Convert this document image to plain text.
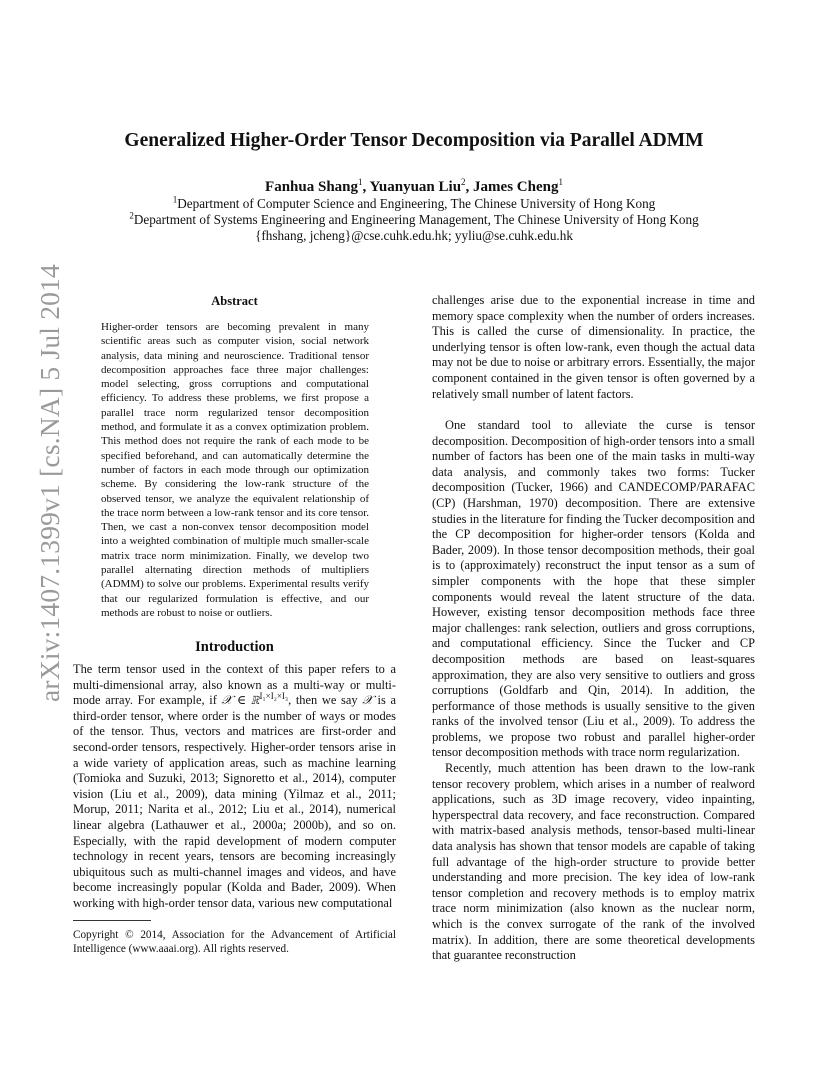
arXiv:1407.1399v1 [cs.NA] 5 Jul 2014
Generalized Higher-Order Tensor Decomposition via Parallel ADMM
Fanhua Shang$^1$, Yuanyuan Liu$^2$, James Cheng$^1$
$^1$Department of Computer Science and Engineering, The Chinese University of Hong Kong
$^2$Department of Systems Engineering and Engineering Management, The Chinese University of Hong Kong
{fhshang, jcheng}@cse.cuhk.edu.hk; yyliu@se.cuhk.edu.hk
Abstract

Higher-order tensors are becoming prevalent in many scientific areas such as computer vision, social network analysis, data mining and neuroscience. Traditional tensor decomposition approaches face three major challenges: model selecting, gross corruptions and computational efficiency. To address these problems, we first propose a parallel trace norm regularized tensor decomposition method, and formulate it as a convex optimization problem. This method does not require the rank of each mode to be specified beforehand, and can automatically determine the number of factors in each mode through our optimization scheme. By considering the low-rank structure of the observed tensor, we analyze the equivalent relationship of the trace norm between a low-rank tensor and its core tensor. Then, we cast a non-convex tensor decomposition model into a weighted combination of multiple much smaller-scale matrix trace norm minimization. Finally, we develop two parallel alternating direction methods of multipliers (ADMM) to solve our problems. Experimental results verify that our regularized formulation is effective, and our methods are robust to noise or outliers.

Introduction

The term tensor used in the context of this paper refers to a multi-dimensional array, also known as a multi-way or multi-mode array. For example, if 𝒳 ∈ ℝ$^{I_1\times I_2\times I_3}$, then we say 𝒳 is a third-order tensor, where order is the number of ways or modes of the tensor. Thus, vectors and matrices are first-order and second-order tensors, respectively. Higher-order tensors arise in a wide variety of application areas, such as machine learning (Tomioka and Suzuki, 2013; Signoretto et al., 2014), computer vision (Liu et al., 2009), data mining (Yilmaz et al., 2011; Morup, 2011; Narita et al., 2012; Liu et al., 2014), numerical linear algebra (Lathauwer et al., 2000a; 2000b), and so on. Especially, with the rapid development of modern computer technology in recent years, tensors are becoming increasingly ubiquitous such as multi-channel images and videos, and have become increasingly popular (Kolda and Bader, 2009). When working with high-order tensor data, various new computational

Copyright © 2014, Association for the Advancement of Artificial Intelligence (www.aaai.org). All rights reserved.

challenges arise due to the exponential increase in time and memory space complexity when the number of orders increases. This is called the curse of dimensionality. In practice, the underlying tensor is often low-rank, even though the actual data may not be due to noise or arbitrary errors. Essentially, the major component contained in the given tensor is often governed by a relatively small number of latent factors.

One standard tool to alleviate the curse is tensor decomposition. Decomposition of high-order tensors into a small number of factors has been one of the main tasks in multi-way data analysis, and commonly takes two forms: Tucker decomposition (Tucker, 1966) and CANDECOMP/PARAFAC (CP) (Harshman, 1970) decomposition. There are extensive studies in the literature for finding the Tucker decomposition and the CP decomposition for higher-order tensors (Kolda and Bader, 2009). In those tensor decomposition methods, their goal is to (approximately) reconstruct the input tensor as a sum of simpler components with the hope that these simpler components would reveal the latent structure of the data. However, existing tensor decomposition methods face three major challenges: rank selection, outliers and gross corruptions, and computational efficiency. Since the Tucker and CP decomposition methods are based on least-squares approximation, they are also very sensitive to outliers and gross corruptions (Goldfarb and Qin, 2014). In addition, the performance of those methods is usually sensitive to the given ranks of the involved tensor (Liu et al., 2009). To address the problems, we propose two robust and parallel higher-order tensor decomposition methods with trace norm regularization.

Recently, much attention has been drawn to the low-rank tensor recovery problem, which arises in a number of realword applications, such as 3D image recovery, video inpainting, hyperspectral data recovery, and face reconstruction. Compared with matrix-based analysis methods, tensor-based multi-linear data analysis has shown that tensor models are capable of taking full advantage of the high-order structure to provide better understanding and more precision. The key idea of low-rank tensor completion and recovery methods is to employ matrix trace norm minimization (also known as the nuclear norm, which is the convex surrogate of the rank of the involved matrix). In addition, there are some theoretical developments that guarantee reconstruction
